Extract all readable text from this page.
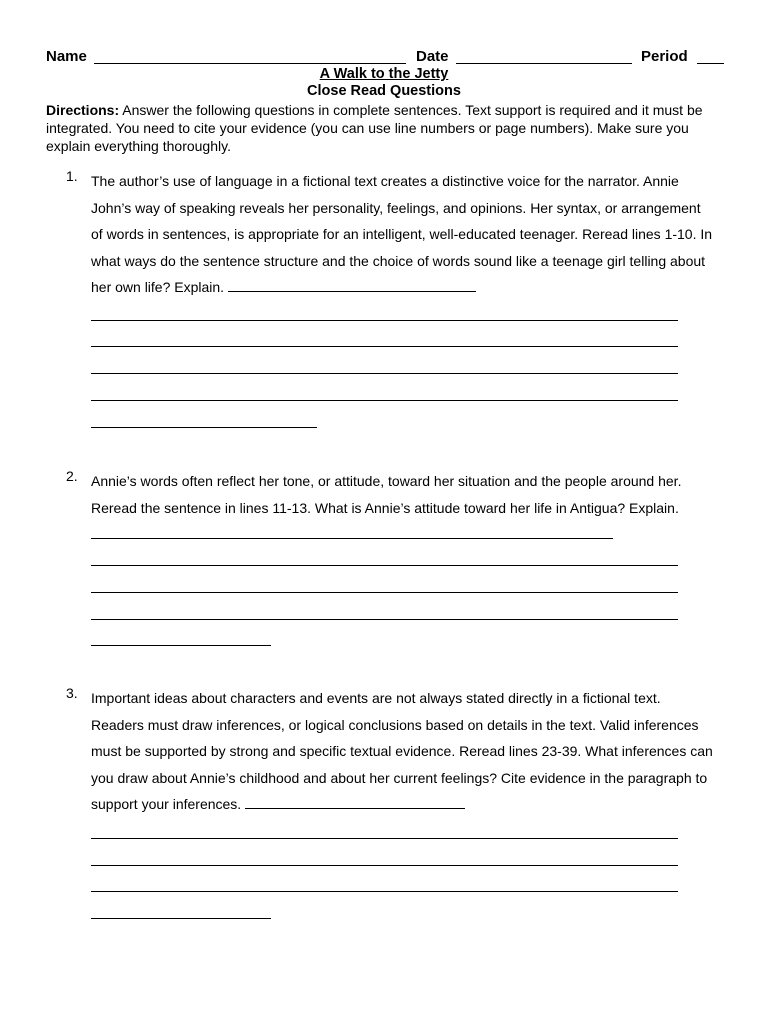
Name	Date	Period
A Walk to the Jetty
Close Read Questions
Directions: Answer the following questions in complete sentences. Text support is required and it must be integrated. You need to cite your evidence (you can use line numbers or page numbers). Make sure you explain everything thoroughly.
1. The author’s use of language in a fictional text creates a distinctive voice for the narrator. Annie John’s way of speaking reveals her personality, feelings, and opinions. Her syntax, or arrangement of words in sentences, is appropriate for an intelligent, well-educated teenager. Reread lines 1-10. In what ways do the sentence structure and the choice of words sound like a teenage girl telling about her own life? Explain.
2. Annie’s words often reflect her tone, or attitude, toward her situation and the people around her. Reread the sentence in lines 11-13. What is Annie’s attitude toward her life in Antigua? Explain.
3. Important ideas about characters and events are not always stated directly in a fictional text. Readers must draw inferences, or logical conclusions based on details in the text. Valid inferences must be supported by strong and specific textual evidence. Reread lines 23-39. What inferences can you draw about Annie’s childhood and about her current feelings? Cite evidence in the paragraph to support your inferences.
